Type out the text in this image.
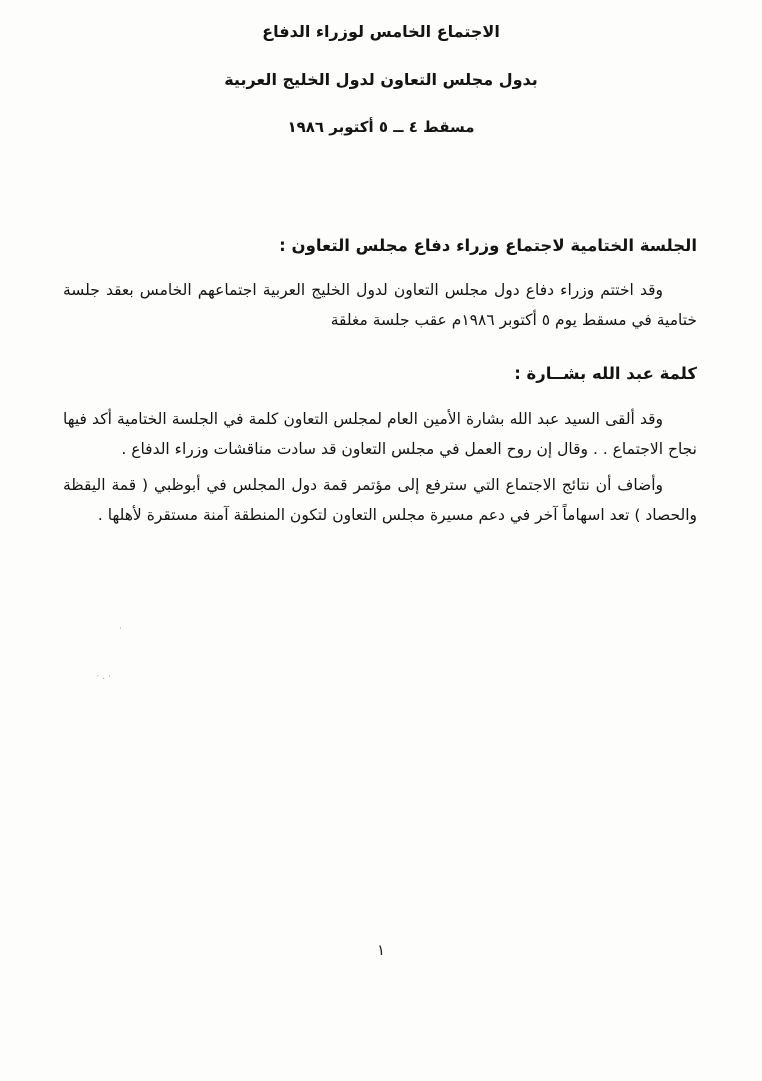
الاجتماع الخامس لوزراء الدفاع
بدول مجلس التعاون لدول الخليج العربية
مسقط ٤ ــ ٥ أكتوبر ١٩٨٦
الجلسة الختامية لاجتماع وزراء دفاع مجلس التعاون :

وقد اختتم وزراء دفاع دول مجلس التعاون لدول الخليج العربية اجتماعهم الخامس بعقد جلسة ختامية في مسقط يوم ٥ أكتوبر ١٩٨٦م عقب جلسة مغلقة

كلمة عبد الله بشــارة :

وقد ألقى السيد عبد الله بشارة الأمين العام لمجلس التعاون كلمة في الجلسة الختامية أكد فيها نجاح الاجتماع . . وقال إن روح العمل في مجلس التعاون قد سادت مناقشات وزراء الدفاع .

وأضاف أن نتائج الاجتماع التي سترفع إلى مؤتمر قمة دول المجلس في أبوظبي ( قمة اليقظة والحصاد ) تعد اسهاماً آخر في دعم مسيرة مجلس التعاون لتكون المنطقة آمنة مستقرة لأهلها .

·
·.·
١
